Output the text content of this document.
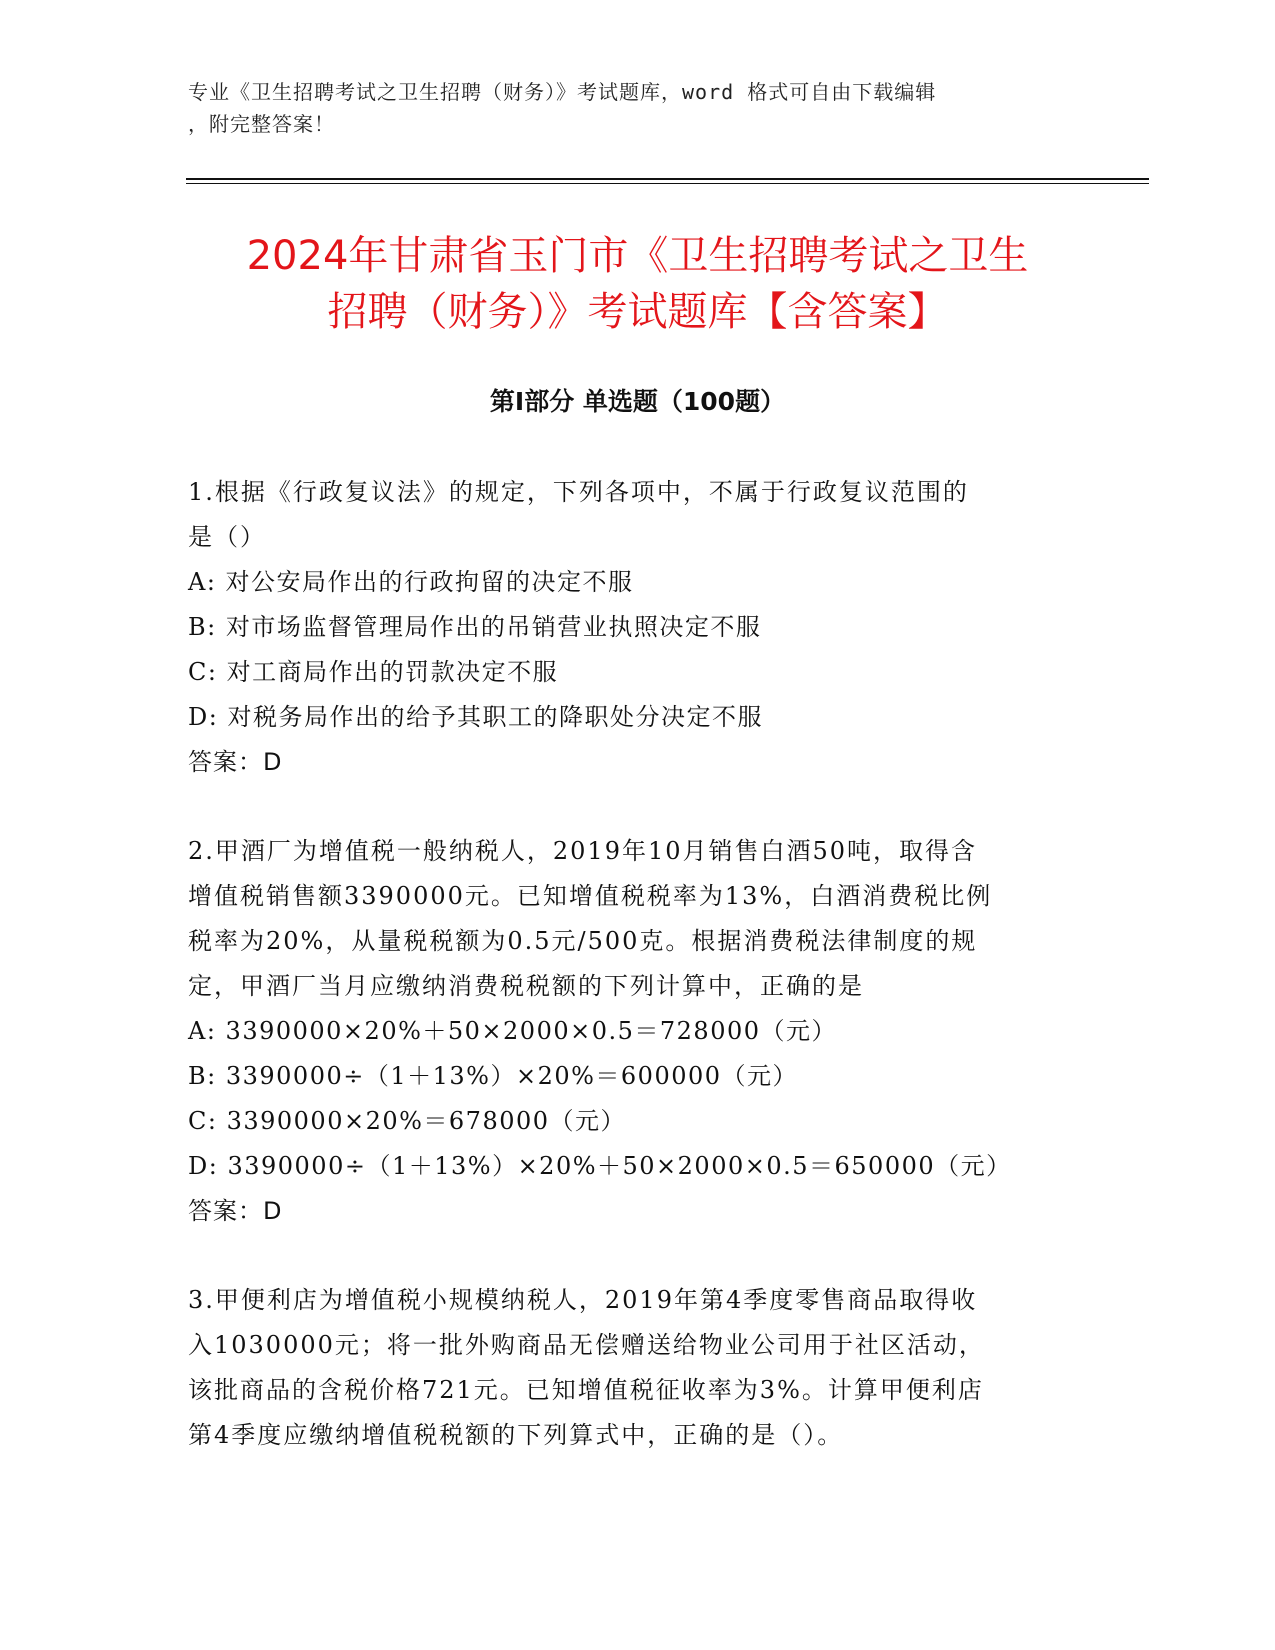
专业《卫生招聘考试之卫生招聘（财务）》考试题库，word 格式可自由下载编辑
，附完整答案！
2024年甘肃省玉门市《卫生招聘考试之卫生
招聘（财务）》考试题库【含答案】
第Ⅰ部分 单选题（100题）
1.根据《行政复议法》的规定，下列各项中，不属于行政复议范围的
是（）
A: 对公安局作出的行政拘留的决定不服
B: 对市场监督管理局作出的吊销营业执照决定不服
C: 对工商局作出的罚款决定不服
D: 对税务局作出的给予其职工的降职处分决定不服
答案：D
2.甲酒厂为增值税一般纳税人，2019年10月销售白酒50吨，取得含
增值税销售额3390000元。已知增值税税率为13%，白酒消费税比例
税率为20%，从量税税额为0.5元/500克。根据消费税法律制度的规
定，甲酒厂当月应缴纳消费税税额的下列计算中，正确的是
A: 3390000×20%＋50×2000×0.5＝728000（元）
B: 3390000÷（1＋13%）×20%＝600000（元）
C: 3390000×20%＝678000（元）
D: 3390000÷（1＋13%）×20%＋50×2000×0.5＝650000（元）
答案：D
3.甲便利店为增值税小规模纳税人，2019年第4季度零售商品取得收
入1030000元；将一批外购商品无偿赠送给物业公司用于社区活动，
该批商品的含税价格721元。已知增值税征收率为3%。计算甲便利店
第4季度应缴纳增值税税额的下列算式中，正确的是（）。
